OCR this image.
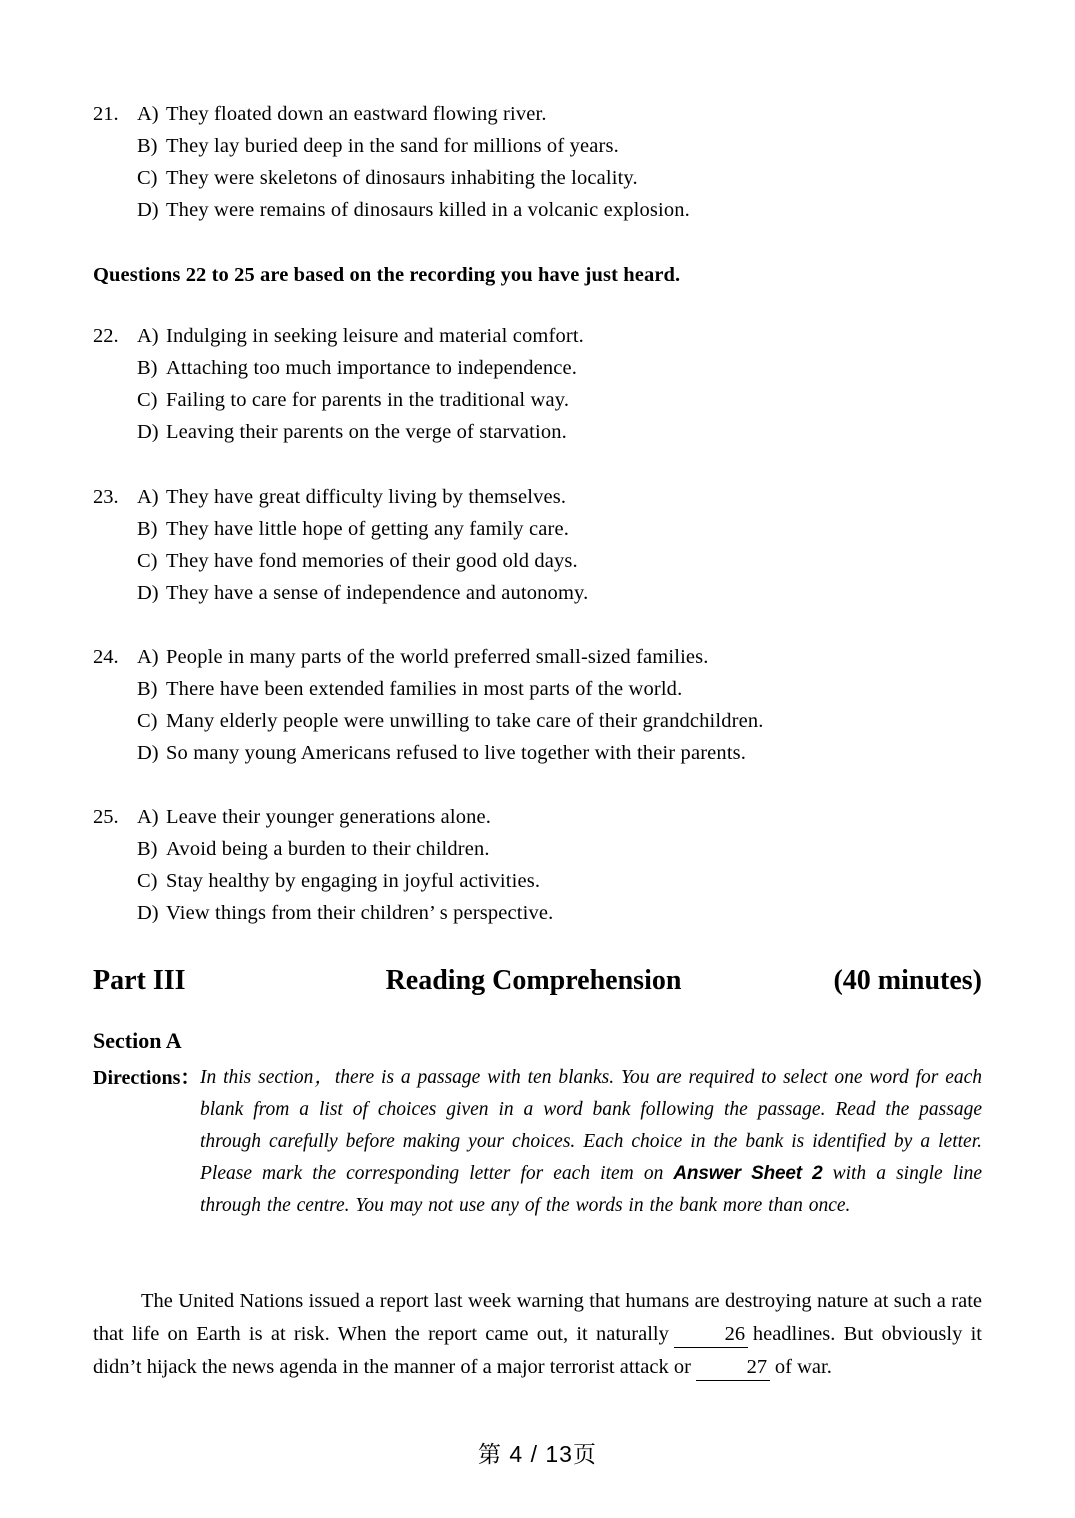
21. A) They floated down an eastward flowing river.
B) They lay buried deep in the sand for millions of years.
C) They were skeletons of dinosaurs inhabiting the locality.
D) They were remains of dinosaurs killed in a volcanic explosion.
Questions 22 to 25 are based on the recording you have just heard.
22. A) Indulging in seeking leisure and material comfort.
B) Attaching too much importance to independence.
C) Failing to care for parents in the traditional way.
D) Leaving their parents on the verge of starvation.
23. A) They have great difficulty living by themselves.
B) They have little hope of getting any family care.
C) They have fond memories of their good old days.
D) They have a sense of independence and autonomy.
24. A) People in many parts of the world preferred small-sized families.
B) There have been extended families in most parts of the world.
C) Many elderly people were unwilling to take care of their grandchildren.
D) So many young Americans refused to live together with their parents.
25. A) Leave their younger generations alone.
B) Avoid being a burden to their children.
C) Stay healthy by engaging in joyful activities.
D) View things from their children’ s perspective.
Part III	Reading Comprehension	(40 minutes)
Section A
Directions： In this section，there is a passage with ten blanks. You are required to select one word for each blank from a list of choices given in a word bank following the passage. Read the passage through carefully before making your choices. Each choice in the bank is identified by a letter. Please mark the corresponding letter for each item on Answer Sheet 2 with a single line through the centre. You may not use any of the words in the bank more than once.
The United Nations issued a report last week warning that humans are destroying nature at such a rate that life on Earth is at risk. When the report came out, it naturally	26 headlines. But obviously it didn’t hijack the news agenda in the manner of a major terrorist attack or	27 of war.
第 4 / 13页
